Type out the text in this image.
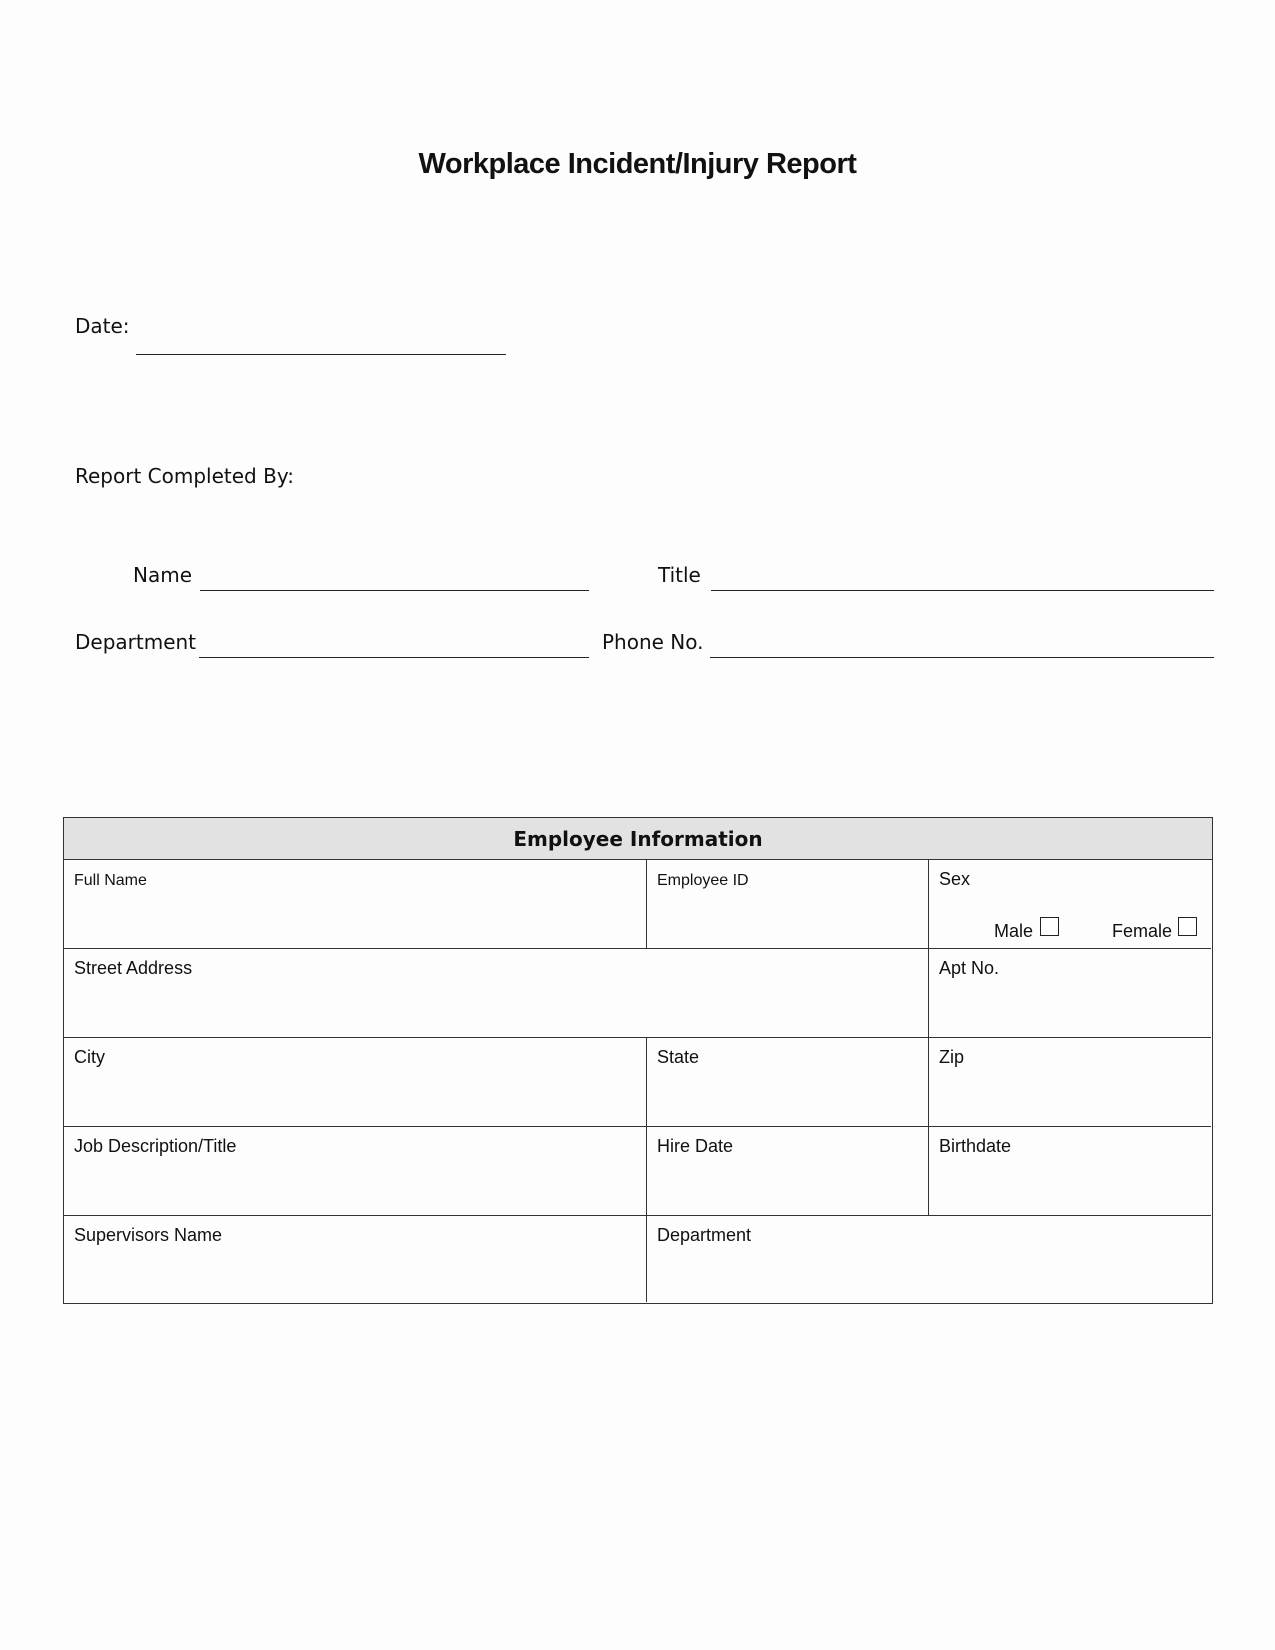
Workplace Incident/Injury Report
Date:
Report Completed By:
Name	Title
Department	Phone No.
Employee Information
Full Name	Employee ID	Sex
Male	Female
Street Address	Apt No.
City	State	Zip
Job Description/Title	Hire Date	Birthdate
Supervisors Name	Department
